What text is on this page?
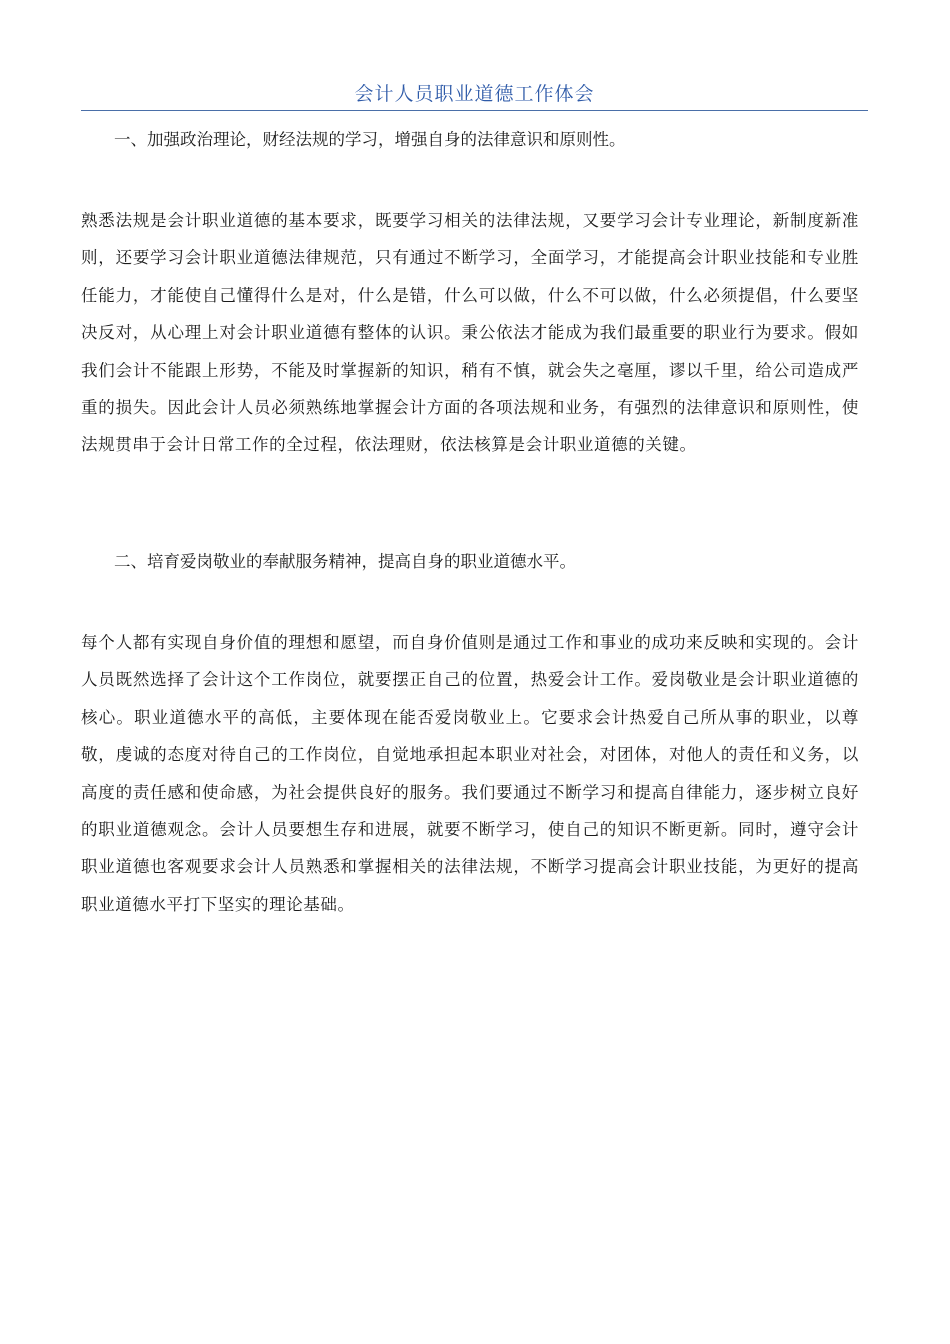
会计人员职业道德工作体会
一、加强政治理论，财经法规的学习，增强自身的法律意识和原则性。
熟悉法规是会计职业道德的基本要求，既要学习相关的法律法规，又要学习会计专业理论，新制度新准则，还要学习会计职业道德法律规范，只有通过不断学习，全面学习，才能提高会计职业技能和专业胜任能力，才能使自己懂得什么是对，什么是错，什么可以做，什么不可以做，什么必须提倡，什么要坚决反对，从心理上对会计职业道德有整体的认识。秉公依法才能成为我们最重要的职业行为要求。假如我们会计不能跟上形势，不能及时掌握新的知识，稍有不慎，就会失之毫厘，谬以千里，给公司造成严重的损失。因此会计人员必须熟练地掌握会计方面的各项法规和业务，有强烈的法律意识和原则性，使法规贯串于会计日常工作的全过程，依法理财，依法核算是会计职业道德的关键。
二、培育爱岗敬业的奉献服务精神，提高自身的职业道德水平。
每个人都有实现自身价值的理想和愿望，而自身价值则是通过工作和事业的成功来反映和实现的。会计人员既然选择了会计这个工作岗位，就要摆正自己的位置，热爱会计工作。爱岗敬业是会计职业道德的核心。职业道德水平的高低，主要体现在能否爱岗敬业上。它要求会计热爱自己所从事的职业，以尊敬，虔诚的态度对待自己的工作岗位，自觉地承担起本职业对社会，对团体，对他人的责任和义务，以高度的责任感和使命感，为社会提供良好的服务。我们要通过不断学习和提高自律能力，逐步树立良好的职业道德观念。会计人员要想生存和进展，就要不断学习，使自己的知识不断更新。同时，遵守会计职业道德也客观要求会计人员熟悉和掌握相关的法律法规，不断学习提高会计职业技能，为更好的提高职业道德水平打下坚实的理论基础。
